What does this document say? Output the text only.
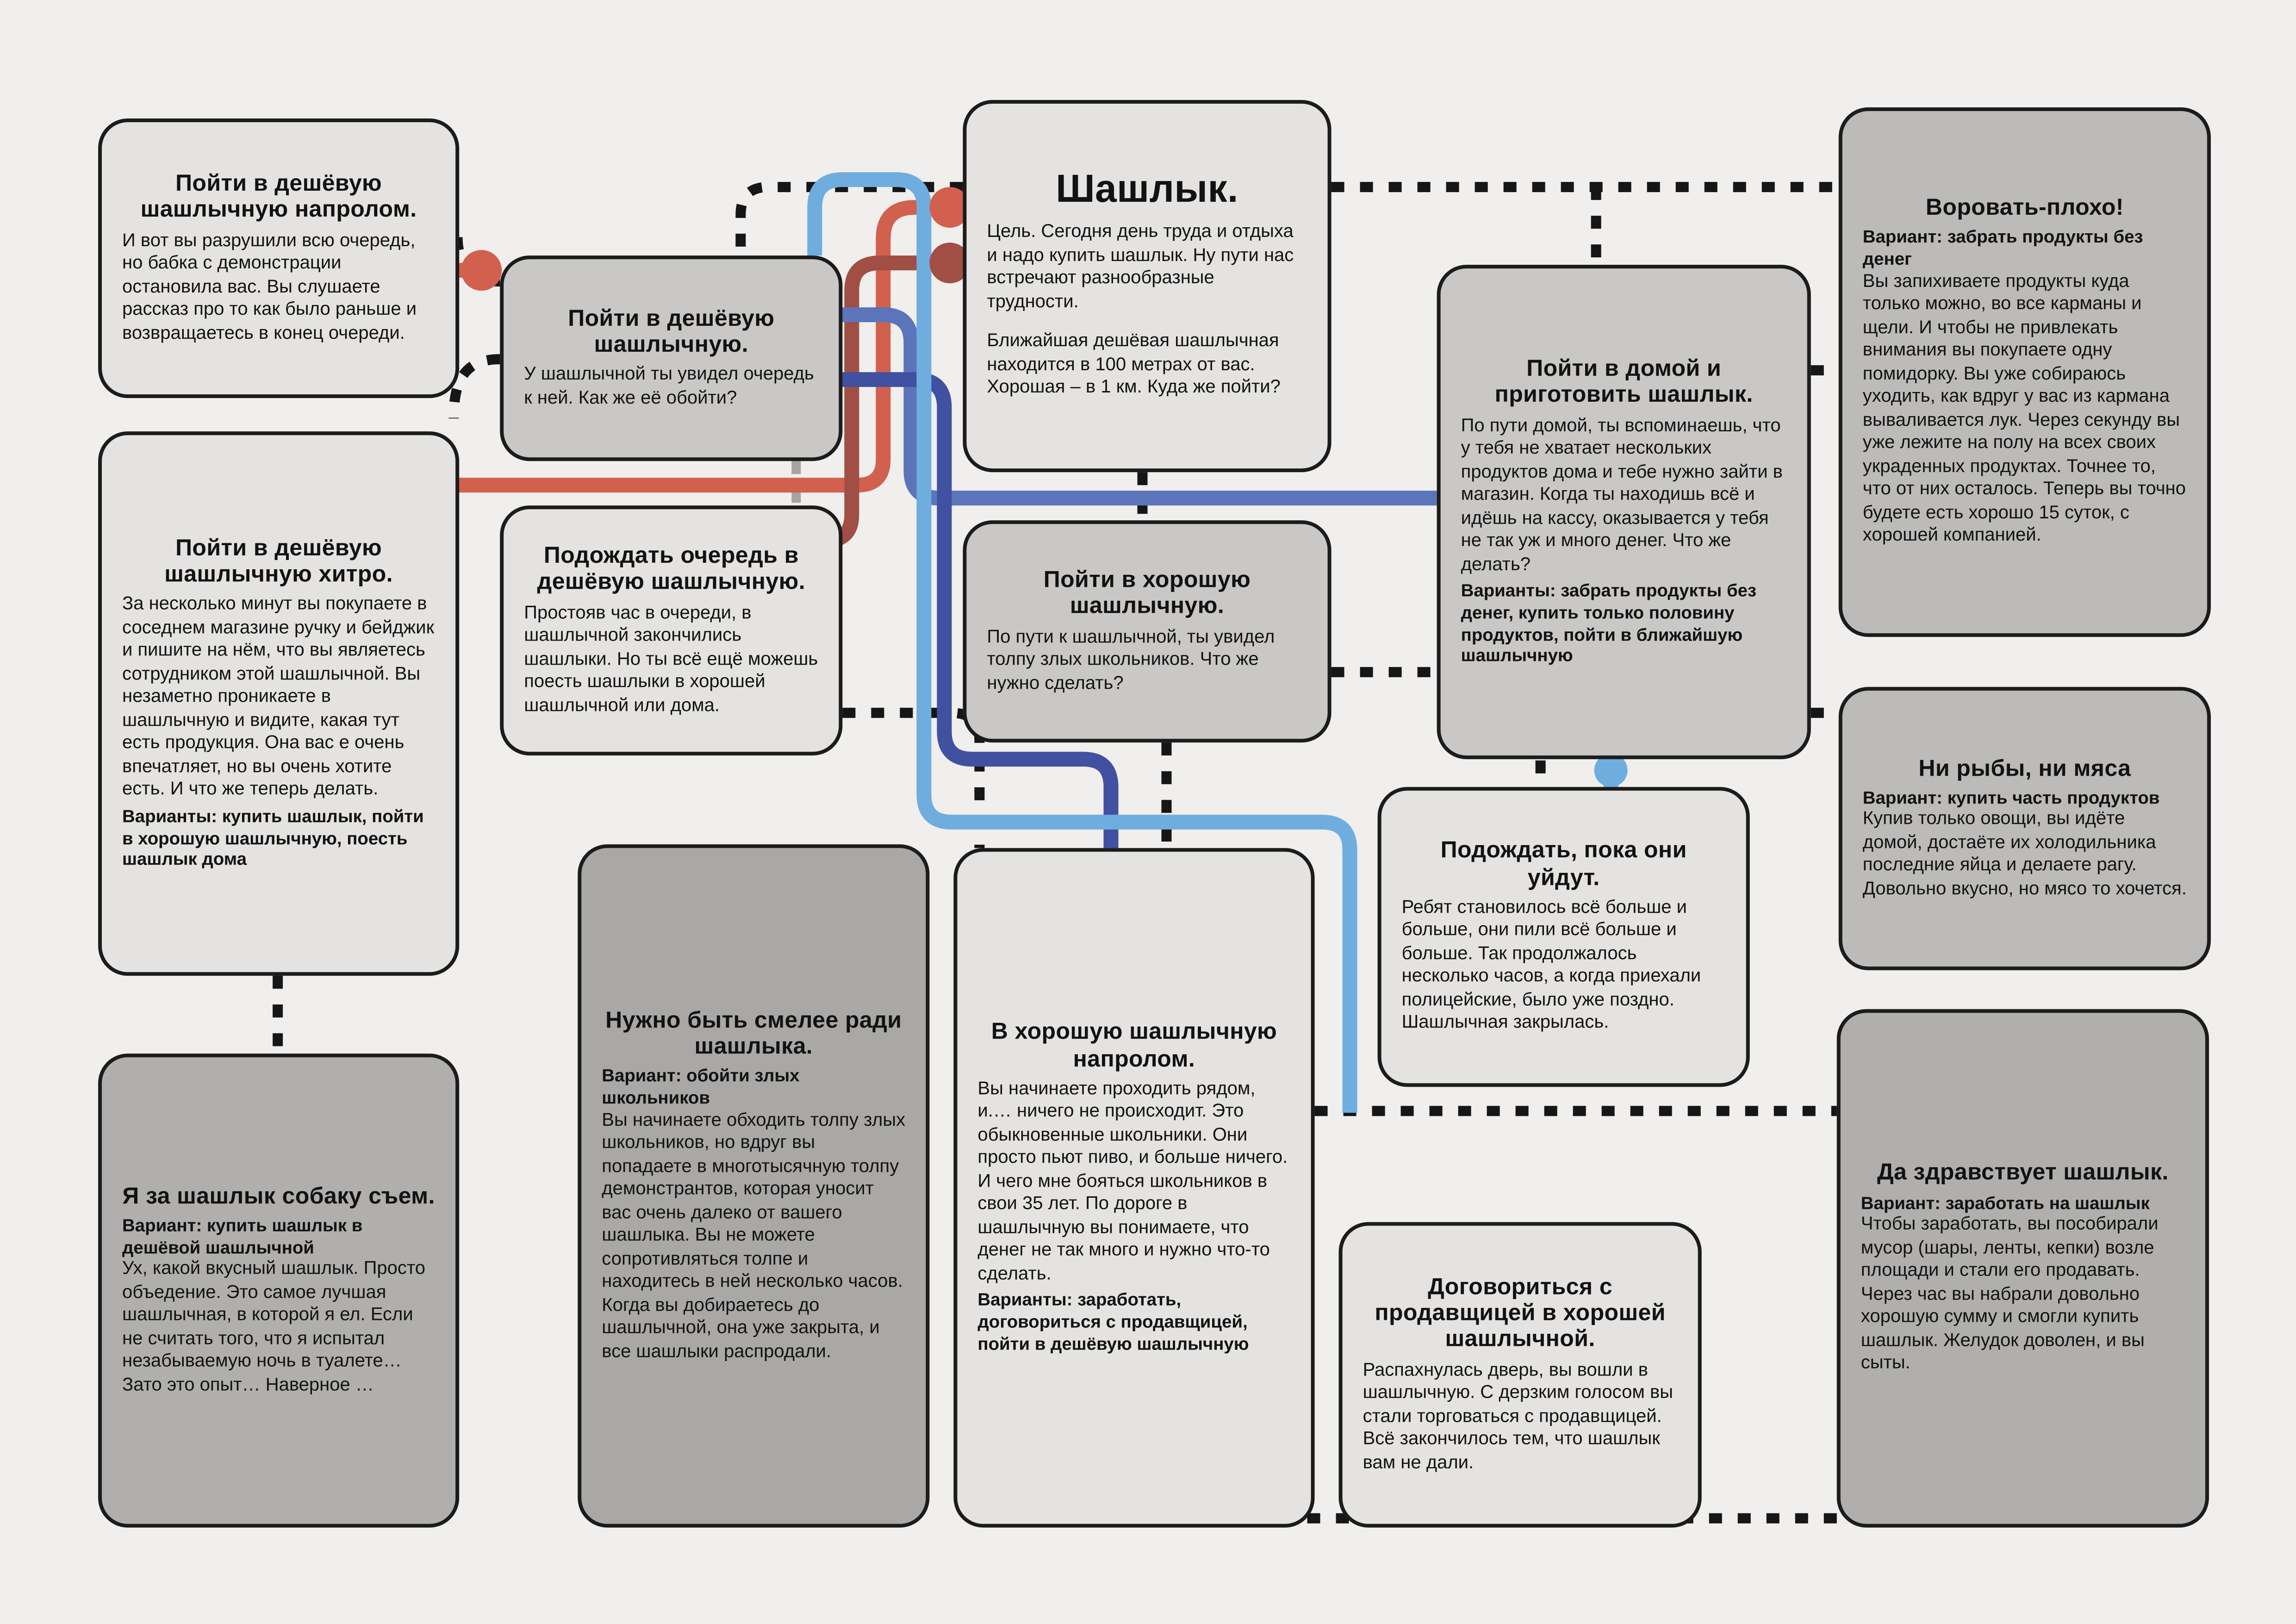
Шашлык.
Цель. Сегодня день труда и отдыха и надо купить шашлык. Ну пути нас встречают разнообразные трудности.
Ближайшая дешёвая шашлычная находится в 100 метрах от вас. Хорошая – в 1 км. Куда же пойти?
Пойти в дешёвую шашлычную.
У шашлычной ты увидел очередь к ней. Как же её обойти?
Пойти в дешёвую шашлычную напролом.
И вот вы разрушили всю очередь, но бабка с демонстрации остановила вас. Вы слушаете рассказ про то как было раньше и возвращаетесь в конец очереди.
Пойти в дешёвую шашлычную хитро.
За несколько минут вы покупаете в соседнем магазине ручку и бейджик и пишите на нём, что вы являетесь сотрудником этой шашлычной. Вы незаметно проникаете в шашлычную и видите, какая тут есть продукция. Она вас е очень впечатляет, но вы очень хотите есть. И что же теперь делать.
Варианты: купить шашлык, пойти в хорошую шашлычную, поесть шашлык дома
Подождать очередь в дешёвую шашлычную.
Простояв час в очереди, в шашлычной закончились шашлыки. Но ты всё ещё можешь поесть шашлыки в хорошей шашлычной или дома.
Я за шашлык собаку съем.
Вариант: купить шашлык в дешёвой шашлычной
Ух, какой вкусный шашлык. Просто объедение. Это самое лучшая шашлычная, в которой я ел. Если не считать того, что я испытал незабываемую ночь в туалете… Зато это опыт… Наверное …
Пойти в хорошую шашлычную.
По пути к шашлычной, ты увидел толпу злых школьников. Что же нужно сделать?
Нужно быть смелее ради шашлыка.
Вариант: обойти злых школьников
Вы начинаете обходить толпу злых школьников, но вдруг вы попадаете в многотысячную толпу демонстрантов, которая уносит вас очень далеко от вашего шашлыка. Вы не можете сопротивляться толпе и находитесь в ней несколько часов. Когда вы добираетесь до шашлычной, она уже закрыта, и все шашлыки распродали.
В хорошую шашлычную напролом.
Вы начинаете проходить рядом, и.… ничего не происходит. Это обыкновенные школьники. Они просто пьют пиво, и больше ничего. И чего мне бояться школьников в свои 35 лет. По дороге в шашлычную вы понимаете, что денег не так много и нужно что-то сделать.
Варианты: заработать, договориться с продавщицей, пойти в дешёвую шашлычную
Пойти в домой и приготовить шашлык.
По пути домой, ты вспоминаешь, что у тебя не хватает нескольких продуктов дома и тебе нужно зайти в магазин. Когда ты находишь всё и идёшь на кассу, оказывается у тебя не так уж и много денег. Что же делать?
Варианты: забрать продукты без денег, купить только половину продуктов, пойти в ближайшую шашлычную
Подождать, пока они уйдут.
Ребят становилось всё больше и больше, они пили всё больше и больше. Так продолжалось несколько часов, а когда приехали полицейские, было уже поздно. Шашлычная закрылась.
Договориться с продавщицей в хорошей шашлычной.
Распахнулась дверь, вы вошли в шашлычную. С дерзким голосом вы стали торговаться с продавщицей. Всё закончилось тем, что шашлык вам не дали.
Воровать-плохо!
Вариант: забрать продукты без денег
Вы запихиваете продукты куда только можно, во все карманы и щели. И чтобы не привлекать внимания вы покупаете одну помидорку. Вы уже собираюсь уходить, как вдруг у вас из кармана вываливается лук. Через секунду вы уже лежите на полу на всех своих украденных продуктах. Точнее то, что от них осталось. Теперь вы точно будете есть хорошо 15 суток, с хорошей компанией.
Ни рыбы, ни мяса
Вариант: купить часть продуктов
Купив только овощи, вы идёте домой, достаёте их холодильника последние яйца и делаете рагу. Довольно вкусно, но мясо то хочется.
Да здравствует шашлык.
Вариант: заработать на шашлык
Чтобы заработать, вы пособирали мусор (шары, ленты, кепки) возле площади и стали его продавать. Через час вы набрали довольно хорошую сумму и смогли купить шашлык. Желудок доволен, и вы сыты.
